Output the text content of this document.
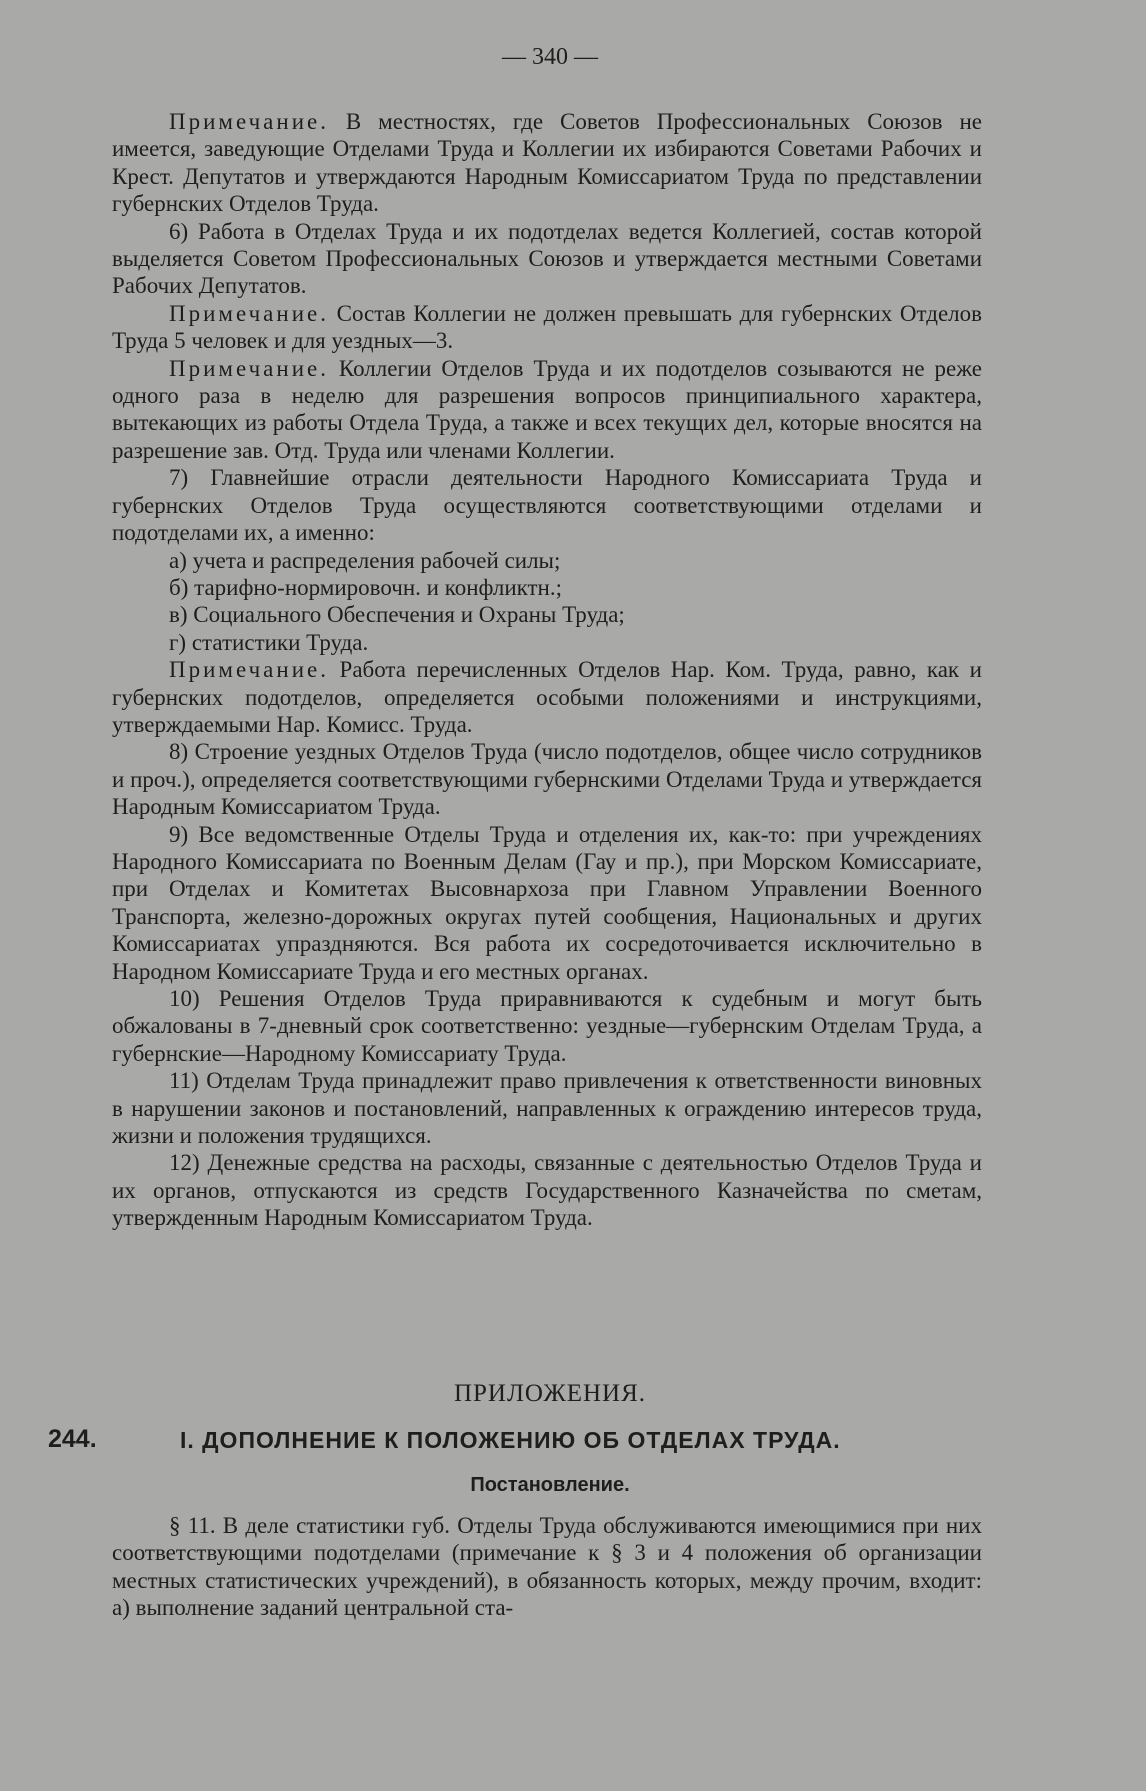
— 340 —

Примечание. В местностях, где Советов Профессиональных Союзов не имеется, заведующие Отделами Труда и Коллегии их избираются Советами Рабочих и Крест. Депутатов и утверждаются Народным Комиссариатом Труда по представлении губернских Отделов Труда.

6) Работа в Отделах Труда и их подотделах ведется Коллегией, состав которой выделяется Советом Профессиональных Союзов и утверждается местными Советами Рабочих Депутатов.

Примечание. Состав Коллегии не должен превышать для губернских Отделов Труда 5 человек и для уездных—3.

Примечание. Коллегии Отделов Труда и их подотделов созываются не реже одного раза в неделю для разрешения вопросов принципиального характера, вытекающих из работы Отдела Труда, а также и всех текущих дел, которые вносятся на разрешение зав. Отд. Труда или членами Коллегии.

7) Главнейшие отрасли деятельности Народного Комиссариата Труда и губернских Отделов Труда осуществляются соответствующими отделами и подотделами их, а именно:

а) учета и распределения рабочей силы;

б) тарифно-нормировочн. и конфликтн.;

в) Социального Обеспечения и Охраны Труда;

г) статистики Труда.

Примечание. Работа перечисленных Отделов Нар. Ком. Труда, равно, как и губернских подотделов, определяется особыми положениями и инструкциями, утверждаемыми Нар. Комисс. Труда.

8) Строение уездных Отделов Труда (число подотделов, общее число сотрудников и проч.), определяется соответствующими губернскими Отделами Труда и утверждается Народным Комиссариатом Труда.

9) Все ведомственные Отделы Труда и отделения их, как-то: при учреждениях Народного Комиссариата по Военным Делам (Гау и пр.), при Морском Комиссариате, при Отделах и Комитетах Высовнархоза при Главном Управлении Военного Транспорта, железно-дорожных округах путей сообщения, Национальных и других Комиссариатах упраздняются. Вся работа их сосредоточивается исключительно в Народном Комиссариате Труда и его местных органах.

10) Решения Отделов Труда приравниваются к судебным и могут быть обжалованы в 7-дневный срок соответственно: уездные—губернским Отделам Труда, а губернские—Народному Комиссариату Труда.

11) Отделам Труда принадлежит право привлечения к ответственности виновных в нарушении законов и постановлений, направленных к ограждению интересов труда, жизни и положения трудящихся.

12) Денежные средства на расходы, связанные с деятельностью Отделов Труда и их органов, отпускаются из средств Государственного Казначейства по сметам, утвержденным Народным Комиссариатом Труда.

ПРИЛОЖЕНИЯ.
244.	I. ДОПОЛНЕНИЕ К ПОЛОЖЕНИЮ ОБ ОТДЕЛАХ ТРУДА.
Постановление.

§ 11. В деле статистики губ. Отделы Труда обслуживаются имеющимися при них соответствующими подотделами (примечание к § 3 и 4 положения об организации местных статистических учреждений), в обязанность которых, между прочим, входит: а) выполнение заданий центральной ста-
